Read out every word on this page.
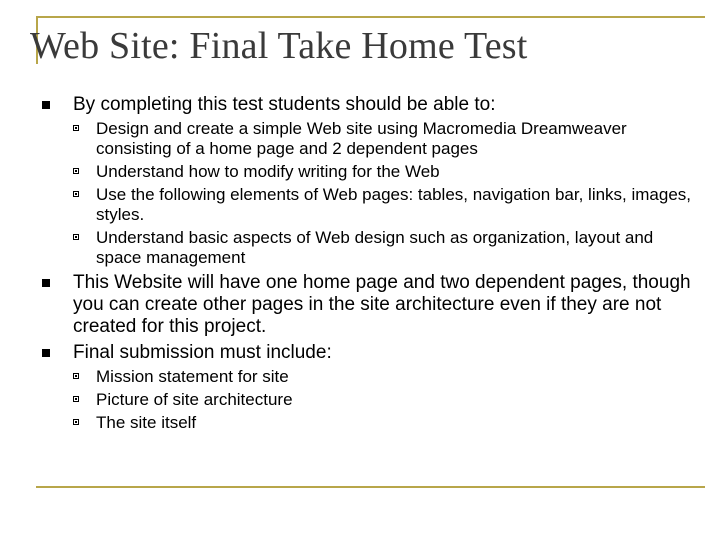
Web Site: Final Take Home Test
By completing this test students should be able to:
Design and create a simple Web site using Macromedia Dreamweaver consisting of a home page and 2 dependent pages
Understand how to modify writing for the Web
Use the following elements of Web pages: tables, navigation bar, links, images, styles.
Understand basic aspects of Web design such as organization, layout and space management
This Website will have one home page and two dependent pages, though you can create other pages in the site architecture even if they are not created for this project.
Final submission must include:
Mission statement for site
Picture of site architecture
The site itself
